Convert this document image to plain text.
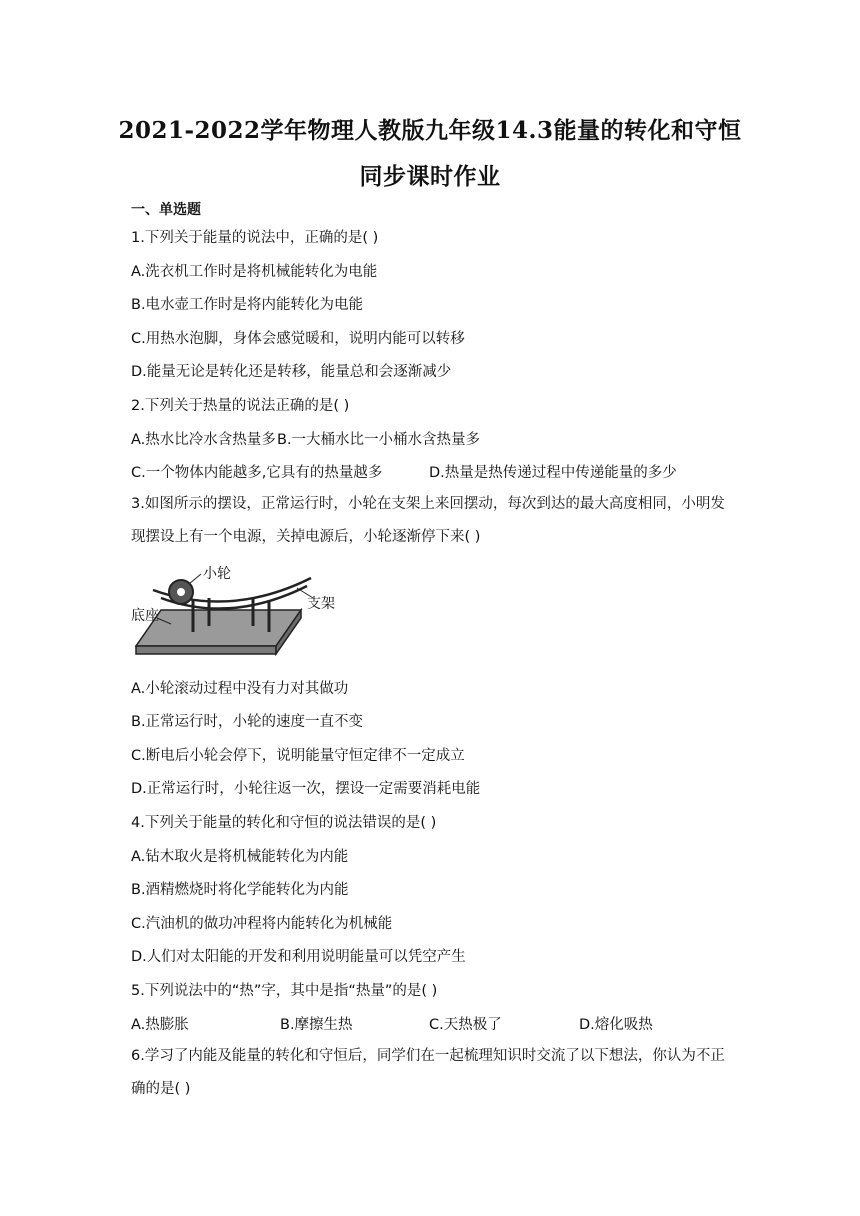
2021-2022学年物理人教版九年级14.3能量的转化和守恒
同步课时作业
一、单选题
1.下列关于能量的说法中，正确的是( )
A.洗衣机工作时是将机械能转化为电能
B.电水壶工作时是将内能转化为电能
C.用热水泡脚，身体会感觉暖和，说明内能可以转移
D.能量无论是转化还是转移，能量总和会逐渐减少
2.下列关于热量的说法正确的是( )
A.热水比冷水含热量多 B.一大桶水比一小桶水含热量多
C.一个物体内能越多,它具有的热量越多	D.热量是热传递过程中传递能量的多少
3.如图所示的摆设，正常运行时，小轮在支架上来回摆动，每次到达的最大高度相同，小明发现摆设上有一个电源，关掉电源后，小轮逐渐停下来( )
小轮
支架
底座
A.小轮滚动过程中没有力对其做功
B.正常运行时，小轮的速度一直不变
C.断电后小轮会停下，说明能量守恒定律不一定成立
D.正常运行时，小轮往返一次，摆设一定需要消耗电能
4.下列关于能量的转化和守恒的说法错误的是( )
A.钻木取火是将机械能转化为内能
B.酒精燃烧时将化学能转化为内能
C.汽油机的做功冲程将内能转化为机械能
D.人们对太阳能的开发和利用说明能量可以凭空产生
5.下列说法中的“热”字，其中是指“热量”的是( )
A.热膨胀	B.摩擦生热	C.天热极了	D.熔化吸热
6.学习了内能及能量的转化和守恒后，同学们在一起梳理知识时交流了以下想法，你认为不正确的是( )
